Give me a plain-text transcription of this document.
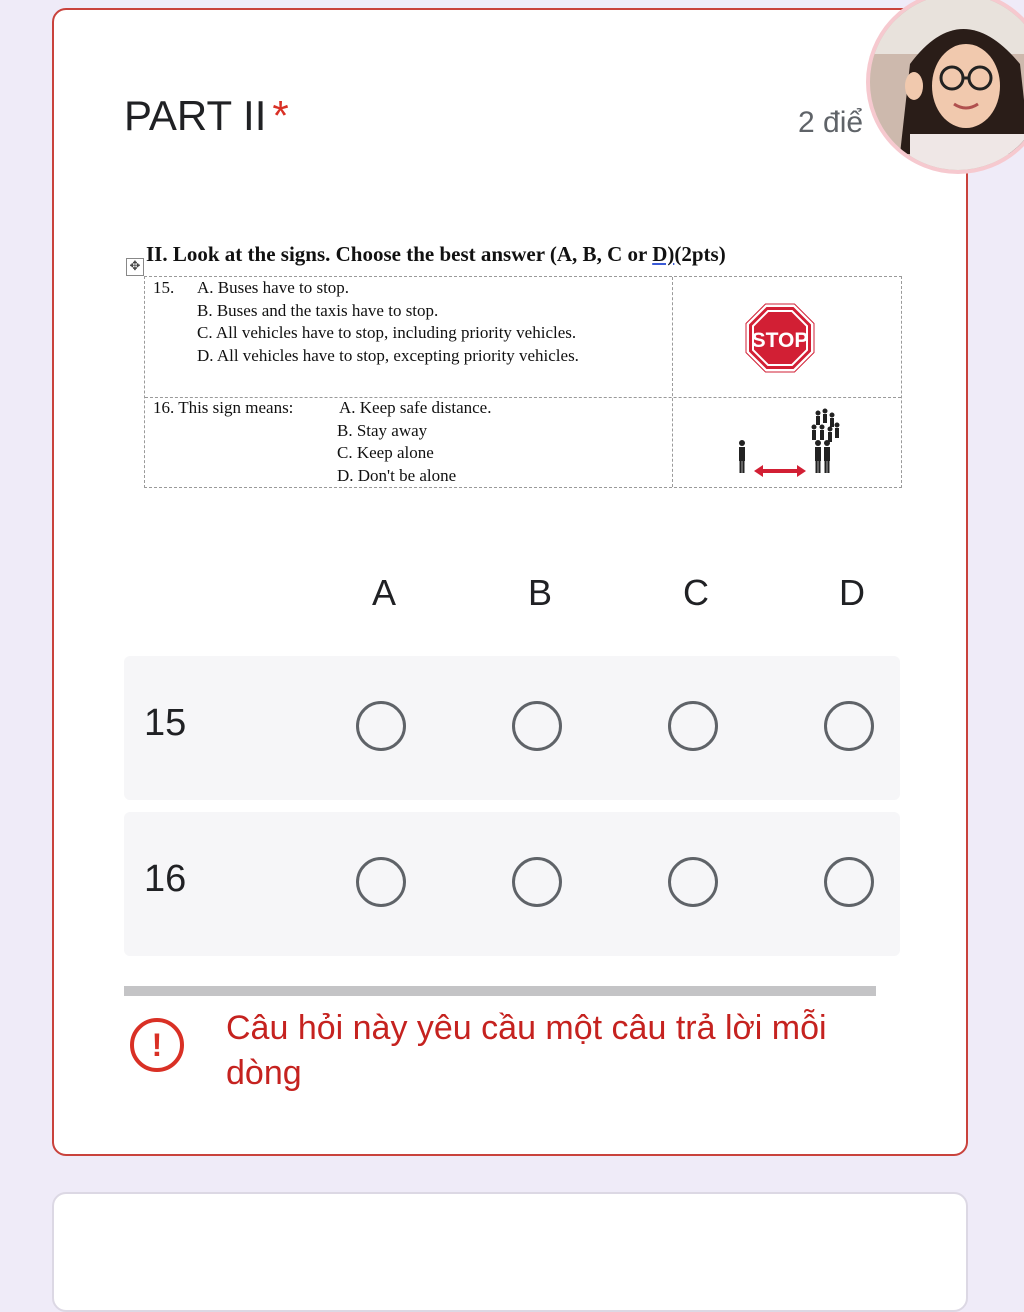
PART II *	2 điể
✥
II. Look at the signs. Choose the best answer (A, B, C or D)(2pts)
15. A. Buses have to stop.
B. Buses and the taxis have to stop.
C. All vehicles have to stop, including priority vehicles.
D. All vehicles have to stop, excepting priority vehicles.
STOP
16. This sign means:	A. Keep safe distance.
B. Stay away
C. Keep alone
D. Don't be alone
A	B	C	D
15
16
!	Câu hỏi này yêu cầu một câu trả lời mỗi dòng
